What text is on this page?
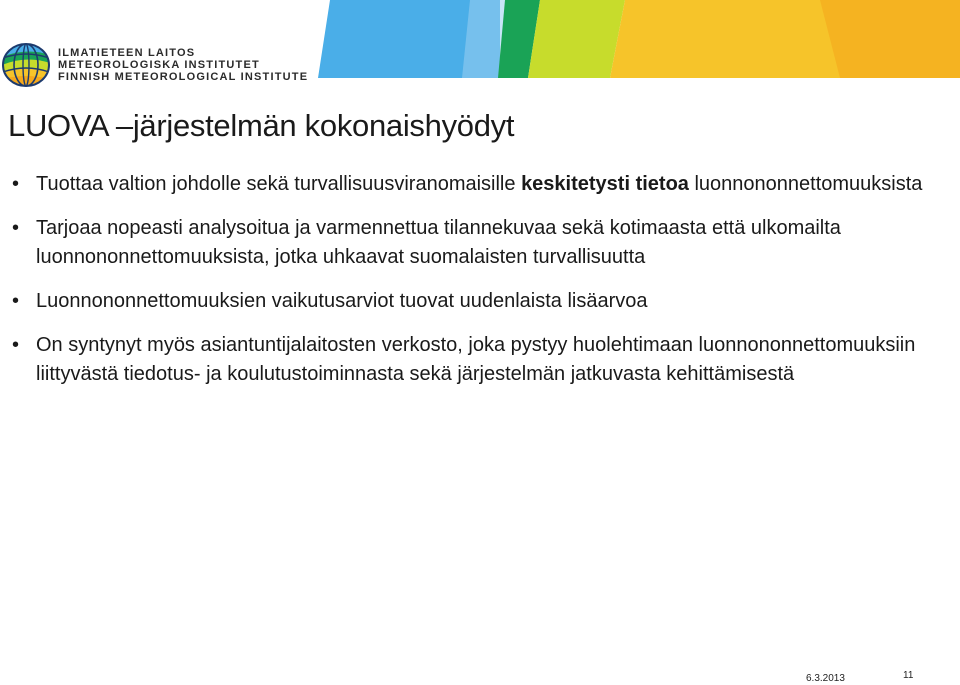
ILMATIETEEN LAITOS
METEOROLOGISKA INSTITUTET
FINNISH METEOROLOGICAL INSTITUTE
LUOVA –järjestelmän kokonaishyödyt
• Tuottaa valtion johdolle sekä turvallisuusviranomaisille keskitetysti tietoa luonnononnettomuuksista
• Tarjoaa nopeasti analysoitua ja varmennettua tilannekuvaa sekä kotimaasta että ulkomailta luonnononnettomuuksista, jotka uhkaavat suomalaisten turvallisuutta
• Luonnononnettomuuksien vaikutusarviot tuovat uudenlaista lisäarvoa
• On syntynyt myös asiantuntijalaitosten verkosto, joka pystyy huolehtimaan luonnononnettomuuksiin liittyvästä tiedotus- ja koulutustoiminnasta sekä järjestelmän jatkuvasta kehittämisestä
6.3.2013	11
